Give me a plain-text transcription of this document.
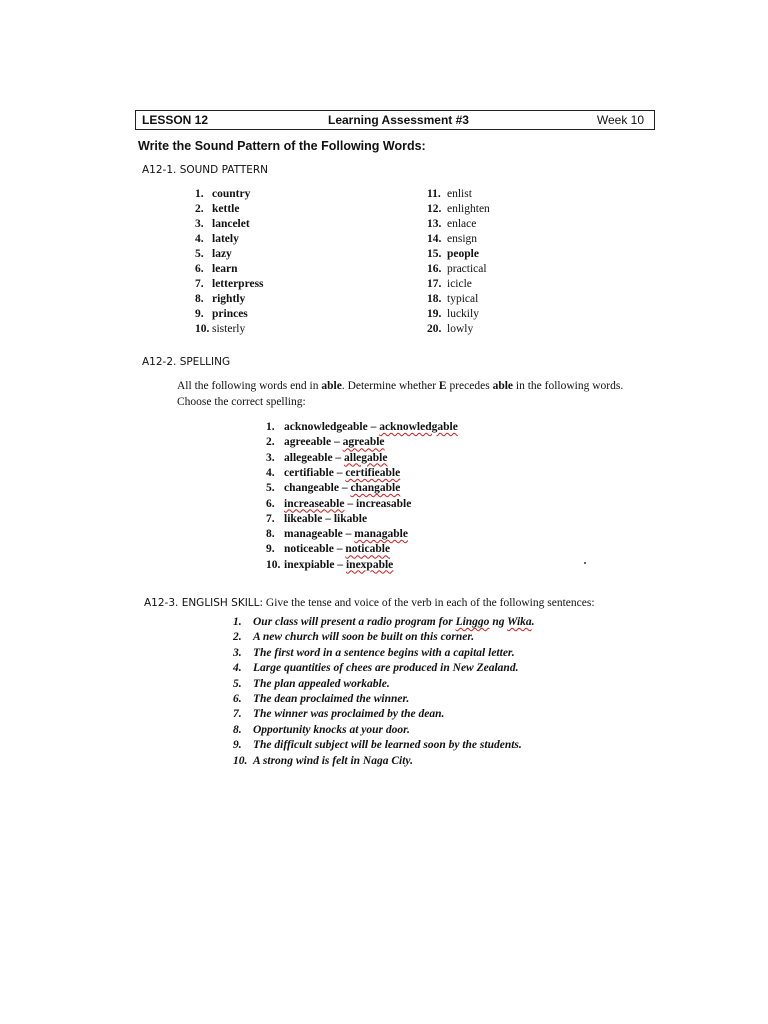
LESSON 12	Learning Assessment #3	Week 10
Write the Sound Pattern of the Following Words:
A12-1. SOUND PATTERN
1. country
2. kettle
3. lancelet
4. lately
5. lazy
6. learn
7. letterpress
8. rightly
9. princes
10. sisterly
11. enlist
12. enlighten
13. enlace
14. ensign
15. people
16. practical
17. icicle
18. typical
19. luckily
20. lowly
A12-2. SPELLING
All the following words end in able. Determine whether E precedes able in the following words.
Choose the correct spelling:
1. acknowledgeable – acknowledgable
2. agreeable – agreable
3. allegeable – allegable
4. certifiable – certifieable
5. changeable – changable
6. increaseable – increasable
7. likeable – likable
8. manageable – managable
9. noticeable – noticable
10. inexpiable – inexpable
A12-3. ENGLISH SKILL: Give the tense and voice of the verb in each of the following sentences:
1. Our class will present a radio program for Linggo ng Wika.
2. A new church will soon be built on this corner.
3. The first word in a sentence begins with a capital letter.
4. Large quantities of chees are produced in New Zealand.
5. The plan appealed workable.
6. The dean proclaimed the winner.
7. The winner was proclaimed by the dean.
8. Opportunity knocks at your door.
9. The difficult subject will be learned soon by the students.
10. A strong wind is felt in Naga City.
